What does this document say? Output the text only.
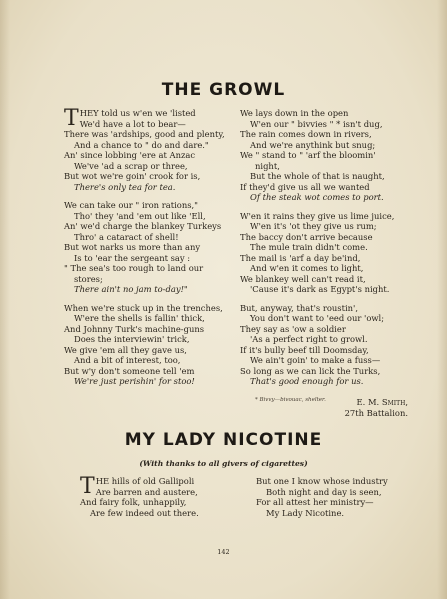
THE GROWL
THEY told us w'en we 'listed
We'd have a lot to bear—
There was 'ardships, good and plenty,
And a chance to " do and dare."
An' since lobbing 'ere at Anzac
We've 'ad a scrap or three,
But wot we're goin' crook for is,
There's only tea for tea.
We can take our " iron rations,"
Tho' they 'and 'em out like 'Ell,
An' we'd charge the blankey Turkeys
Thro' a cataract of shell!
But wot narks us more than any
Is to 'ear the sergeant say :
" The sea's too rough to land our
stores;
There ain't no jam to-day!"
When we're stuck up in the trenches,
W'ere the shells is fallin' thick,
And Johnny Turk's machine-guns
Does the interviewin' trick,
We give 'em all they gave us,
And a bit of interest, too,
But w'y don't someone tell 'em
We're just perishin' for stoo!
We lays down in the open
W'en our " bivvies " * isn't dug,
The rain comes down in rivers,
And we're anythink but snug;
We " stand to " 'arf the bloomin'
night,
But the whole of that is naught,
If they'd give us all we wanted
Of the steak wot comes to port.
W'en it rains they give us lime juice,
W'en it's 'ot they give us rum;
The baccy don't arrive because
The mule train didn't come.
The mail is 'arf a day be'ind,
And w'en it comes to light,
We blankey well can't read it,
'Cause it's dark as Egypt's night.
But, anyway, that's roustin',
You don't want to 'eed our 'owl;
They say as 'ow a soldier
'As a perfect right to growl.
If it's bully beef till Doomsday,
We ain't goin' to make a fuss—
So long as we can lick the Turks,
That's good enough for us.
* Bivvy—bivouac, shelter.	E. M. Smith,
27th Battalion.
MY LADY NICOTINE
(With thanks to all givers of cigarettes)
THE hills of old Gallipoli
Are barren and austere,
And fairy folk, unhappily,
Are few indeed out there.
But one I know whose industry
Both night and day is seen,
For all attest her ministry—
My Lady Nicotine.
142
